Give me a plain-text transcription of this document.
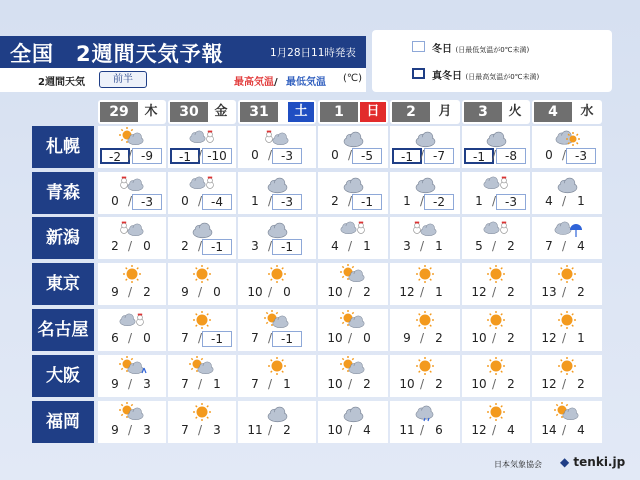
全国　2週間天気予報	1月28日11時発表
2週間天気	前半	最高気温/ 最低気温 (℃)
冬日 (日最低気温が0℃未満)
真冬日 (日最高気温が0℃未満)
29	木	30	金	31	土	1	日	2	月	3	火	4	水
札幌	-2 / -9	-1 / -10	0 / -3	0 / -5	-1 / -7	-1 / -8	0 / -3
青森	0 / -3	0 / -4	1 / -3	2 / -1	1 / -2	1 / -3	4 / 1
新潟	2 / 0	2 / -1	3 / -1	4 / 1	3 / 1	5 / 2	7 / 4
東京	9 / 2	9 / 0	10 / 0	10 / 2	12 / 1	12 / 2	13 / 2
名古屋	6 / 0	7 / -1	7 / -1	10 / 0	9 / 2	10 / 2	12 / 1
大阪	9 / 3	7 / 1	7 / 1	10 / 2	10 / 2	10 / 2	12 / 2
福岡	9 / 3	7 / 3	11 / 2	10 / 4	11 / 6	12 / 4	14 / 4
日本気象協会 ◆ tenki.jp
